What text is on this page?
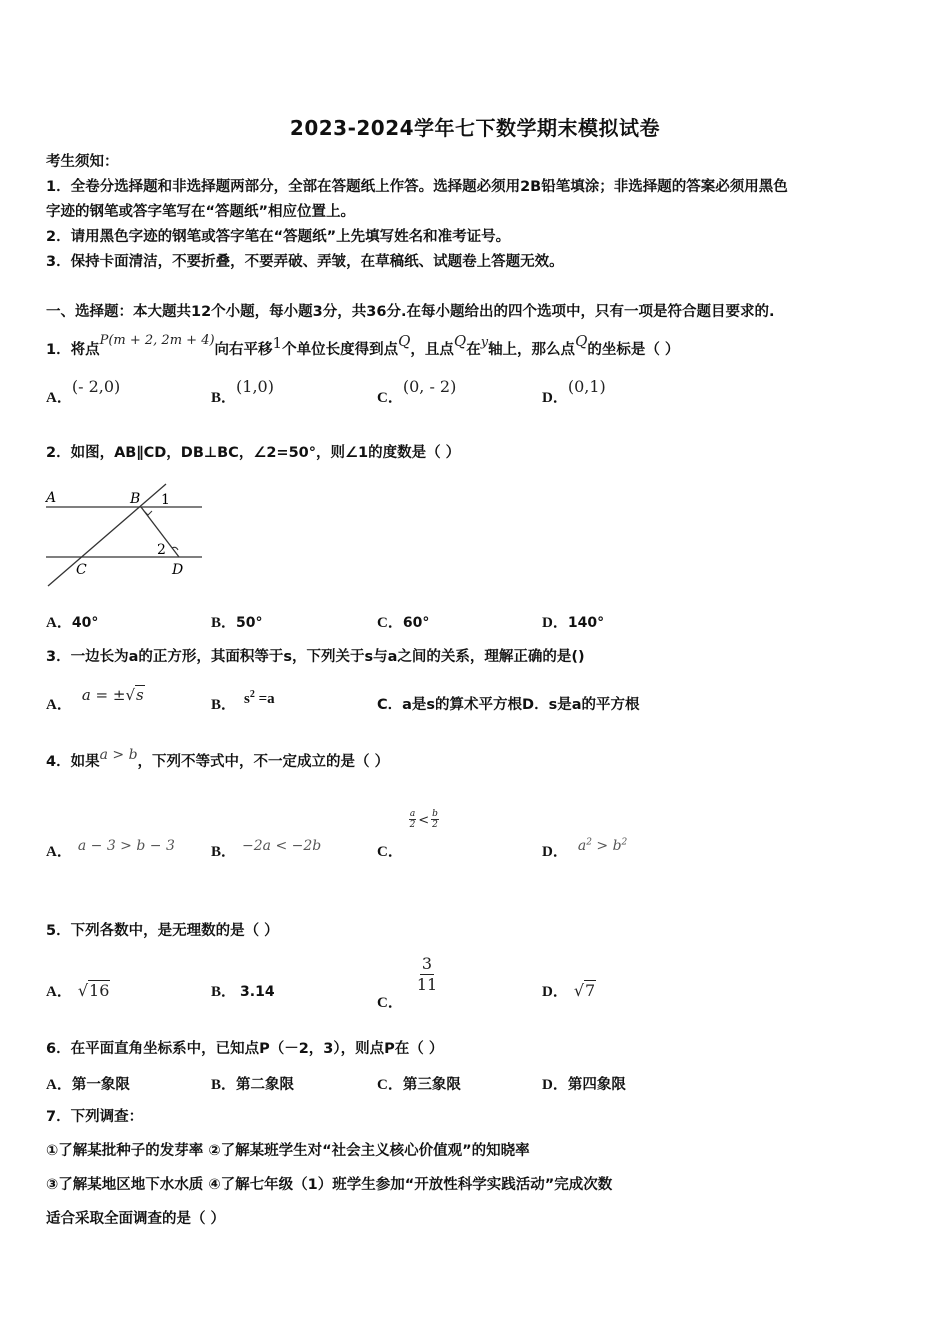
2023-2024学年七下数学期末模拟试卷
考生须知：
1．全卷分选择题和非选择题两部分，全部在答题纸上作答。选择题必须用2B铅笔填涂；非选择题的答案必须用黑色
字迹的钢笔或答字笔写在“答题纸”相应位置上。
2．请用黑色字迹的钢笔或答字笔在“答题纸”上先填写姓名和准考证号。
3．保持卡面清洁，不要折叠，不要弄破、弄皱，在草稿纸、试题卷上答题无效。
一、选择题：本大题共12个小题，每小题3分，共36分.在每小题给出的四个选项中，只有一项是符合题目要求的.
1．将点P(m + 2, 2m + 4)向右平移1个单位长度得到点Q，且点Q在y轴上，那么点Q的坐标是（ ）
A．(- 2,0)
B．(1,0)
C．(0, - 2)
D．(0,1)
2．如图，AB∥CD，DB⊥BC，∠2=50°，则∠1的度数是（ ）
A	B 1
2
C	D
A．40°	B．50°	C．60°	D．140°
3．一边长为a的正方形，其面积等于s，下列关于s与a之间的关系，理解正确的是()
A．a = ±√s
B． $s^2 =a$	C．a是s的算术平方根D．s是a的平方根
4．如果a > b，下列不等式中，不一定成立的是（ ）
A． a − 3 > b − 3 B． −2a < −2b	C．
$\frac{a}{2} < \frac{b}{2}$
D． $a^2 > b^2$
5．下列各数中，是无理数的是（ ）
A． √16	B． 3.14
C．
$\frac{3}{11}$	D． √7
6．在平面直角坐标系中，已知点P（－2，3），则点P在（ ）
A．第一象限	B．第二象限	C．第三象限	D．第四象限
7．下列调查：
①了解某批种子的发芽率 ②了解某班学生对“社会主义核心价值观”的知晓率
③了解某地区地下水水质 ④了解七年级（1）班学生参加“开放性科学实践活动”完成次数
适合采取全面调查的是（ ）
